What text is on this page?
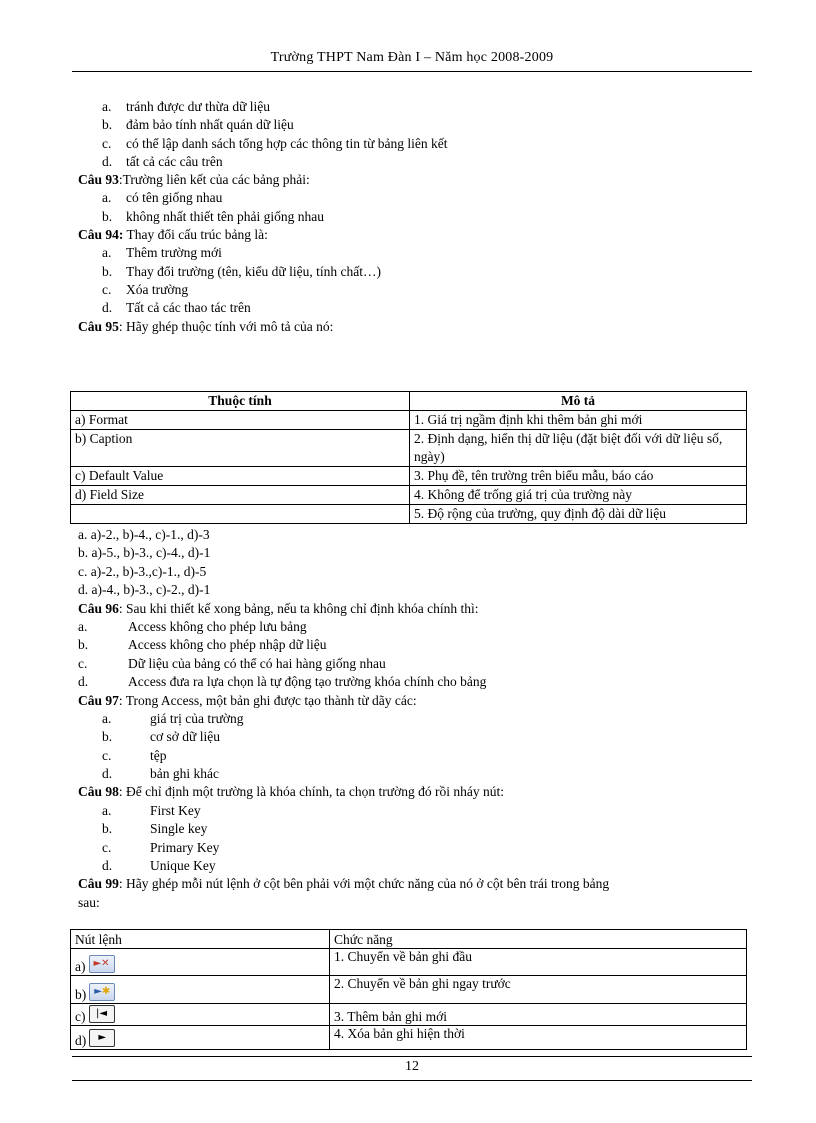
Trường THPT Nam Đàn I – Năm học 2008-2009
a. tránh được dư thừa dữ liệu
b. đảm bảo tính nhất quán dữ liệu
c. có thể lập danh sách tổng hợp các thông tin từ bảng liên kết
d. tất cả các câu trên
Câu 93:Trường liên kết của các bảng phải:
a. có tên giống nhau
b. không nhất thiết tên phải giống nhau
Câu 94: Thay đổi cấu trúc bảng là:
a. Thêm trường mới
b. Thay đổi trường (tên, kiểu dữ liệu, tính chất…)
c. Xóa trường
d. Tất cả các thao tác trên
Câu 95: Hãy ghép thuộc tính với mô tả của nó:
Thuộc tính	Mô tả
a) Format	1. Giá trị ngầm định khi thêm bản ghi mới
b) Caption	2. Định dạng, hiển thị dữ liệu (đặt biệt đối với dữ liệu số, ngày)
c) Default Value	3. Phụ đề, tên trường trên biểu mẫu, báo cáo
d) Field Size	4. Không để trống giá trị của trường này
	5. Độ rộng của trường, quy định độ dài dữ liệu
a. a)-2., b)-4., c)-1., d)-3
b. a)-5., b)-3., c)-4., d)-1
c. a)-2., b)-3.,c)-1., d)-5
d. a)-4., b)-3., c)-2., d)-1
Câu 96: Sau khi thiết kế xong bảng, nếu ta không chỉ định khóa chính thì:
a.	Access không cho phép lưu bảng
b.	Access không cho phép nhập dữ liệu
c.	Dữ liệu của bảng có thể có hai hàng giống nhau
d.	Access đưa ra lựa chọn là tự động tạo trường khóa chính cho bảng
Câu 97: Trong Access, một bản ghi được tạo thành từ dãy các:
a.	giá trị của trường
b.	cơ sở dữ liệu
c.	tệp
d.	bản ghi khác
Câu 98: Để chỉ định một trường là khóa chính, ta chọn trường đó rồi nháy nút:
a.	First Key
b.	Single key
c.	Primary Key
d.	Unique Key
Câu 99: Hãy ghép mỗi nút lệnh ở cột bên phải với một chức năng của nó ở cột bên trái trong bảng
sau:
Nút lệnh	Chức năng
a) ►✕	1. Chuyển về bản ghi đầu
b) ►✱	2. Chuyển về bản ghi ngay trước
c) |◄	3. Thêm bản ghi mới
d) ►	4. Xóa bản ghi hiện thời
12
